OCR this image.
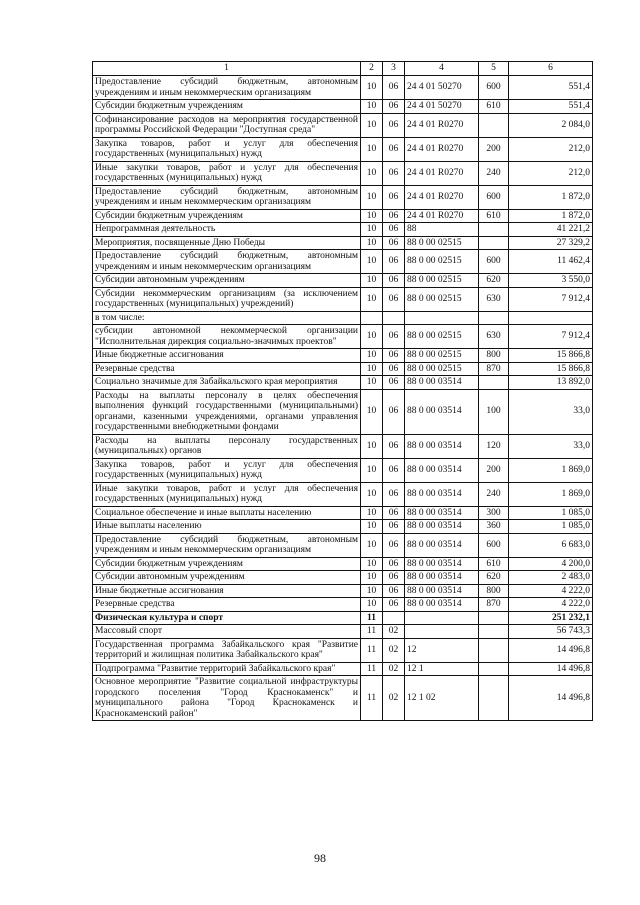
1	2	3	4	5	6
Предоставление субсидий бюджетным, автономным учреждениям и иным некоммерческим организациям	10	06	24 4 01 50270	600	551,4
Субсидии бюджетным учреждениям	10	06	24 4 01 50270	610	551,4
Софинансирование расходов на мероприятия государственной программы Российской Федерации "Доступная среда"	10	06	24 4 01 R0270		2 084,0
Закупка товаров, работ и услуг для обеспечения государственных (муниципальных) нужд	10	06	24 4 01 R0270	200	212,0
Иные закупки товаров, работ и услуг для обеспечения государственных (муниципальных) нужд	10	06	24 4 01 R0270	240	212,0
Предоставление субсидий бюджетным, автономным учреждениям и иным некоммерческим организациям	10	06	24 4 01 R0270	600	1 872,0
Субсидии бюджетным учреждениям	10	06	24 4 01 R0270	610	1 872,0
Непрограммная деятельность	10	06	88		41 221,2
Мероприятия, посвященные Дню Победы	10	06	88 0 00 02515		27 329,2
Предоставление субсидий бюджетным, автономным учреждениям и иным некоммерческим организациям	10	06	88 0 00 02515	600	11 462,4
Субсидии автономным учреждениям	10	06	88 0 00 02515	620	3 550,0
Субсидии некоммерческим организациям (за исключением государственных (муниципальных) учреждений)	10	06	88 0 00 02515	630	7 912,4
в том числе:					
субсидии автономной некоммерческой организации "Исполнительная дирекция социально-значимых проектов"	10	06	88 0 00 02515	630	7 912,4
Иные бюджетные ассигнования	10	06	88 0 00 02515	800	15 866,8
Резервные средства	10	06	88 0 00 02515	870	15 866,8
Социально значимые для Забайкальского края мероприятия	10	06	88 0 00 03514		13 892,0
Расходы на выплаты персоналу в целях обеспечения выполнения функций государственными (муниципальными) органами, казенными учреждениями, органами управления государственными внебюджетными фондами	10	06	88 0 00 03514	100	33,0
Расходы на выплаты персоналу государственных (муниципальных) органов	10	06	88 0 00 03514	120	33,0
Закупка товаров, работ и услуг для обеспечения государственных (муниципальных) нужд	10	06	88 0 00 03514	200	1 869,0
Иные закупки товаров, работ и услуг для обеспечения государственных (муниципальных) нужд	10	06	88 0 00 03514	240	1 869,0
Социальное обеспечение и иные выплаты населению	10	06	88 0 00 03514	300	1 085,0
Иные выплаты населению	10	06	88 0 00 03514	360	1 085,0
Предоставление субсидий бюджетным, автономным учреждениям и иным некоммерческим организациям	10	06	88 0 00 03514	600	6 683,0
Субсидии бюджетным учреждениям	10	06	88 0 00 03514	610	4 200,0
Субсидии автономным учреждениям	10	06	88 0 00 03514	620	2 483,0
Иные бюджетные ассигнования	10	06	88 0 00 03514	800	4 222,0
Резервные средства	10	06	88 0 00 03514	870	4 222,0
Физическая культура и спорт	11				251 232,1
Массовый спорт	11	02			56 743,3
Государственная программа Забайкальского края "Развитие территорий и жилищная политика Забайкальского края"	11	02	12		14 496,8
Подпрограмма "Развитие территорий Забайкальского края"	11	02	12 1		14 496,8
Основное мероприятие "Развитие социальной инфраструктуры городского поселения "Город Краснокаменск" и муниципального района "Город Краснокаменск и Краснокаменский район"	11	02	12 1 02		14 496,8
98
